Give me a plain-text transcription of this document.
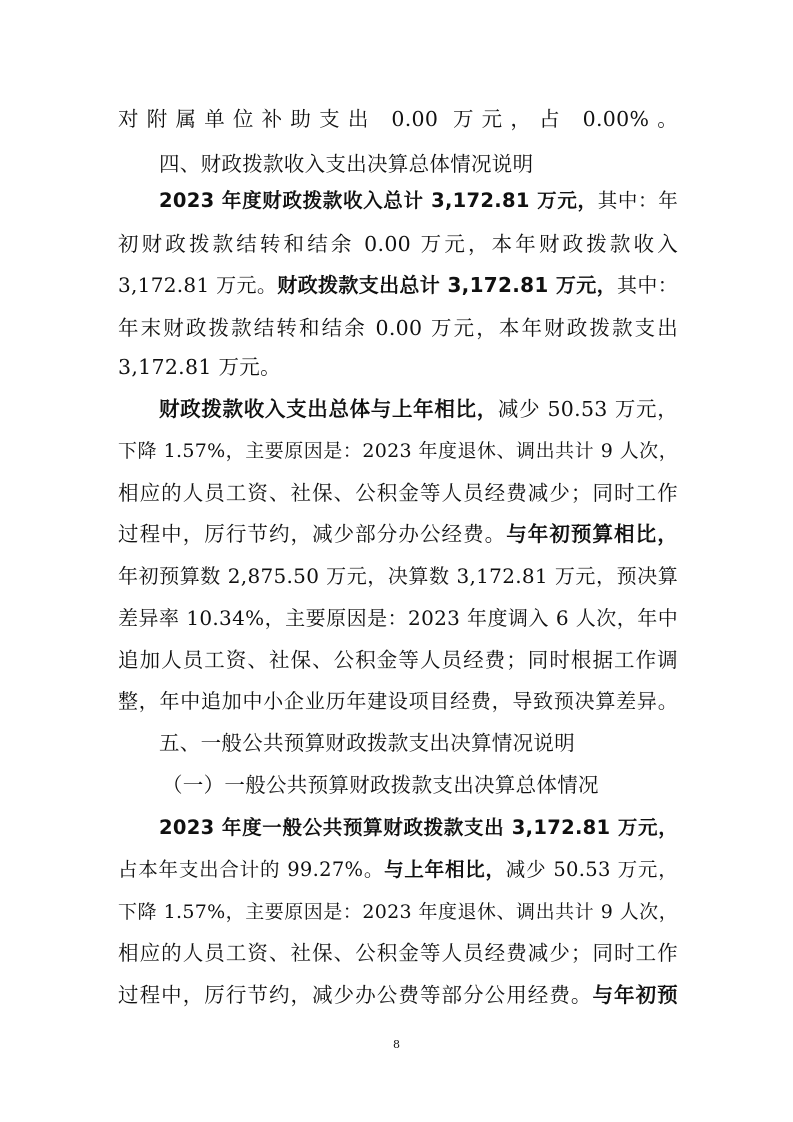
对附属单位补助支出 0.00 万元，占 0.00%。
四、财政拨款收入支出决算总体情况说明
2023 年度财政拨款收入总计 3,172.81 万元，其中：年
初财政拨款结转和结余 0.00 万元，本年财政拨款收入
3,172.81 万元。财政拨款支出总计 3,172.81 万元，其中：
年末财政拨款结转和结余 0.00 万元，本年财政拨款支出
3,172.81 万元。
财政拨款收入支出总体与上年相比，减少 50.53 万元，
下降 1.57%，主要原因是：2023 年度退休、调出共计 9 人次，
相应的人员工资、社保、公积金等人员经费减少；同时工作
过程中，厉行节约，减少部分办公经费。与年初预算相比，
年初预算数 2,875.50 万元，决算数 3,172.81 万元，预决算
差异率 10.34%，主要原因是：2023 年度调入 6 人次，年中
追加人员工资、社保、公积金等人员经费；同时根据工作调
整，年中追加中小企业历年建设项目经费，导致预决算差异。
五、一般公共预算财政拨款支出决算情况说明
（一）一般公共预算财政拨款支出决算总体情况
2023 年度一般公共预算财政拨款支出 3,172.81 万元，
占本年支出合计的 99.27%。与上年相比，减少 50.53 万元，
下降 1.57%，主要原因是：2023 年度退休、调出共计 9 人次，
相应的人员工资、社保、公积金等人员经费减少；同时工作
过程中，厉行节约，减少办公费等部分公用经费。与年初预
8
